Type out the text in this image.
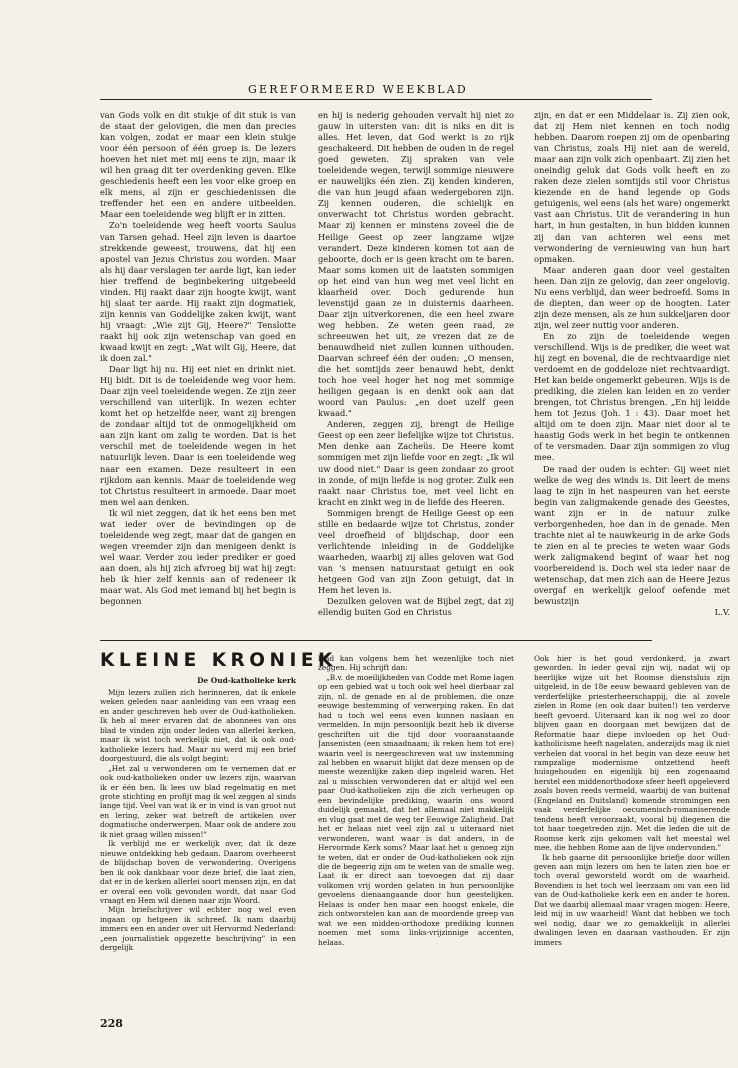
GEREFORMEERD WEEKBLAD

van Gods volk en dit stukje of dit stuk is van de staat der gelovigen, die men dan precies kan volgen, zodat er maar een klein stukje voor één persoon of één groep is. De lezers hoeven het niet met mij eens te zijn, maar ik wil hen graag dit ter overdenking geven. Elke geschiedenis heeft een les voor elke groep en elk mens, al zijn er geschiedenissen die treffender het een en andere uitbeelden. Maar een toeleidende weg blijft er in zitten.

Zo'n toeleidende weg heeft voorts Saulus van Tarsen gehad. Heel zijn leven is daartoe strekkende geweest, trouwens, dat hij een apostel van Jezus Christus zou worden. Maar als hij daar verslagen ter aarde ligt, kan ieder hier treffend de beginbekering uitgebeeld vinden. Hij raakt daar zijn hoogte kwijt, want hij slaat ter aarde. Hij raakt zijn dogmatiek, zijn kennis van Goddelijke zaken kwijt, want hij vraagt: „Wie zijt Gij, Heere?" Tenslotte raakt hij ook zijn wetenschap van goed en kwaad kwijt en zegt: „Wat wilt Gij, Heere, dat ik doen zal."

Daar ligt hij nu. Hij eet niet en drinkt niet. Hij bidt. Dit is de toeleidende weg voor hem. Daar zijn veel toeleidende wegen. Ze zijn zeer verschillend van uiterlijk. In wezen echter komt het op hetzelfde neer, want zij brengen de zondaar altijd tot de onmogelijkheid om aan zijn kant om zalig te worden. Dat is het verschil met de toeleidende wegen in het natuurlijk leven. Daar is een toeleidende weg naar een examen. Deze resulteert in een rijkdom aan kennis. Maar de toeleidende weg tot Christus resulteert in armoede. Daar moet men wel aan denken.

Ik wil niet zeggen, dat ik het eens ben met wat ieder over de bevindingen op de toeleidende weg zegt, maar dat de gangen en wegen vreemder zijn dan menigeen denkt is wel waar. Verder zou ieder prediker er goed aan doen, als hij zich afvroeg bij wat hij zegt: heb ik hier zelf kennis aan of redeneer ik maar wat. Als God met iemand bij het begin is begonnen

en hij is nederig gehouden vervalt hij niet zo gauw in uitersten van: dit is niks en dit is alles. Het leven, dat God werkt is zo rijk geschakeerd. Dit hebben de ouden in de regel goed geweten. Zij spraken van vele toeleidende wegen, terwijl sommige nieuwere er nauwelijks één zien. Zij kenden kinderen, die van hun jeugd afaan wedergeboren zijn. Zij kennen ouderen, die schielijk en onverwacht tot Christus worden gebracht. Maar zij kennen er minstens zoveel die de Heilige Geest op zeer langzame wijze verandert. Deze kinderen komen tot aan de geboorte, doch er is geen kracht om te baren. Maar soms komen uit de laatsten sommigen op het eind van hun weg met veel licht en klaarheid over. Doch gedurende hun levenstijd gaan ze in duisternis daarheen. Daar zijn uitverkorenen, die een heel zware weg hebben. Ze weten geen raad, ze schreeuwen het uit, ze vrezen dat ze de benauwdheid niet zullen kunnen uithouden. Daarvan schreef één der ouden: „O mensen, die het somtijds zeer benauwd hebt, denkt toch hoe veel hoger het nog met sommige heiligen gegaan is en denkt ook aan dat woord van Paulus: „en doet uzelf geen kwaad."

Anderen, zeggen zij, brengt de Heilige Geest op een zeer liefelijke wijze tot Christus. Men denke aan Zacheüs. De Heere komt sommigen met zijn liefde voor en zegt: „Ik wil uw dood niet." Daar is geen zondaar zo groot in zonde, of mijn liefde is nog groter. Zulk een raakt naar Christus toe, met veel licht en kracht en zinkt weg in de liefde des Heeren.

Sommigen brengt de Heilige Geest op een stille en bedaarde wijze tot Christus, zonder veel droefheid of blijdschap, door een verlichtende inleiding in de Goddelijke waarheden, waarbij zij alles geloven wat God van 's mensen natuurstaat getuigt en ook hetgeen God van zijn Zoon getuigt, dat in Hem het leven is.

Dezulken geloven wat de Bijbel zegt, dat zij ellendig buiten God en Christus

zijn, en dat er een Middelaar is. Zij zien ook, dat zij Hem niet kennen en toch nodig hebben. Daarom roepen zij om de openbaring van Christus, zoals Hij niet aan de wereld, maar aan zijn volk zich openbaart. Zij zien het oneindig geluk dat Gods volk heeft en zo raken deze zielen somtijds stil voor Christus kiezende en de hand legende op Gods getuigenis, wel eens (als het ware) ongemerkt vast aan Christus. Uit de verandering in hun hart, in hun gestalten, in hun bidden kunnen zij dan van achteren wel eens met verwondering de vernieuwing van hun hart opmaken.

Maar anderen gaan door veel gestalten heen. Dan zijn ze gelovig, dan zeer ongelovig. Nu eens verblijd, dan weer bedroefd. Soms in de diepten, dan weer op de hoogten. Later zijn deze mensen, als ze hun sukkeljaren door zijn, wel zeer nuttig voor anderen.

En zo zijn de toeleidende wegen verschillend. Wijs is de prediker, die weet wat hij zegt en bovenal, die de rechtvaardige niet verdoemt en de goddeloze niet rechtvaardigt. Het kan beide ongemerkt gebeuren. Wijs is de prediking, die zielen kan leiden en zo verder brengen, tot Christus brengen. „En hij leidde hem tot Jezus (Joh. 1 : 43). Daar moet het altijd om te doen zijn. Maar niet door al te haastig Gods werk in het begin te ontkennen of te versmaden. Daar zijn sommigen zo vlug mee.

De raad der ouden is echter: Gij weet niet welke de weg des winds is. Dit leert de mens laag te zijn in het naspeuren van het eerste begin van zaligmakende genade des Geestes, want zijn er in de natuur zulke verborgenheden, hoe dan in de genade. Men trachte niet al te nauwkeurig in de arke Gods te zien en al te precies te weten waar Gods werk zaligmakend begint of waar het nog voorbereidend is. Doch wel sta ieder naar de wetenschap, dat men zich aan de Heere Jezus overgaf en werkelijk geloof oefende met bewustzijn
L.V.

KLEINE KRONIEK
De Oud-katholieke kerk

Mijn lezers zullen zich herinneren, dat ik enkele weken geleden naar aanleiding van een vraag een en ander geschreven heb over de Oud-katholieken. Ik heb al meer ervaren dat de abonnees van ons blad te vinden zijn onder leden van allerlei kerken, maar ik wist toch werkelijk niet, dat ik ook oud-katholieke lezers had. Maar nu werd mij een brief doorgestuurd, die als volgt begint:

„Het zal u verwonderen om te vernemen dat er ook oud-katholieken onder uw lezers zijn, waarvan ik er één ben. Ik lees uw blad regelmatig en met grote stichting en profijt mag ik wel zeggen al sinds lange tijd. Veel van wat ik er in vind is van groot nut en lering, zeker wat betreft de artikelen over dogmatische onderwerpen. Maar ook de andere zou ik niet graag willen missen!"

Ik verblijd me er werkelijk over, dat ik deze nieuwe ontdekking heb gedaan. Daarom overheerst de blijdschap boven de verwondering. Overigens ben ik ook dankbaar voor deze brief, die laat zien, dat er in de kerken allerlei soort mensen zijn, en dat er overal een volk gevonden wordt, dat naar God vraagt en Hem wil dienen naar zijn Woord.

Mijn briefschrijver wil echter nog wel even ingaan op hetgeen ik schreef. Ik nam daarbij immers een en ander over uit Hervormd Nederland: „een journalistiek opgezette beschrijving" in een dergelijk

blad kan volgens hem het wezenlijke toch niet zeggen. Hij schrijft dan:

„B.v. de moeilijkheden van Codde met Rome lagen op een gebied wat u toch ook wel heel dierbaar zal zijn, nl. de genade en al de problemen, die onze eeuwige bestemming of verwerping raken. En dat had u toch wel eens even kunnen naslaan en vermelden. In mijn persoonlijk bezit heb ik diverse geschriften uit die tijd door vooraanstaande Jansenisten (een smaadnaam; ik reken hem tot ere) waarin veel is neergeschreven wat uw instemming zal hebben en waaruit blijkt dat deze mensen op de meeste wezenlijke zaken diep ingeleid waren. Het zal u misschien verwonderen dat er altijd wel een paar Oud-katholieken zijn die zich verheugen op een bevindelijke prediking, waarin ons woord duidelijk gemaakt, dat het allemaal niet makkelijk en vlug gaat met de weg ter Eeuwige Zaligheid. Dat het er helaas niet veel zijn zal u uiteraard niet verwonderen, want waar is dat anders, in de Hervormde Kerk soms? Maar laat het u genoeg zijn te weten, dat er onder de Oud-katholieken ook zijn die de begeerig zijn om te weten van de smalle weg. Laat ik er direct aan toevoegen dat zij daar volkomen vrij worden gelaten in hun persoonlijke gevoelens dienaangaande door hun geestelijken. Helaas is onder hen maar een hoogst enkele, die zich ontworstelen kan aan de moordende greep van wat we een midden-orthodoxe prediking kunnen noemen met soms links-vrijzinnige accenten, helaas.

Ook hier is het goud verdonkerd, ja zwart geworden. In ieder geval zijn wij, nadat wij op heerlijke wijze uit het Roomse dienstsluis zijn uitgeleid, in de 18e eeuw bewaard gebleven van de verderfelijke priesterheerschappij, die al zovele zielen in Rome (en ook daar buiten!) ten verderve heeft gevoerd. Uiteraard kan ik nog wel zo door blijven gaan en doorgaan met bewijzen dat de Reformatie haar diepe invloeden op het Oud-katholicisme heeft nagelaten, anderzijds mag ik niet verhelen dat vooral in het begin van deze eeuw het rampzalige modernisme ontzettend heeft huisgehouden en eigenlijk bij een zogenaamd herstel een middenorthodoxe sfeer heeft opgeleverd zoals boven reeds vermeld, waarbij de van buitenaf (Engeland en Duitsland) komende stromingen een vaak verderfelijke oecumenisch-romaniserende tendens heeft veroorzaakt, vooral bij diegenen die tot haar toegetreden zijn. Met die leden die uit de Roomse kerk zijn gekomen valt het meestal wel mee, die hebben Rome aan de lijve ondervonden."

Ik heb gaarne dit persoonlijke briefje door willen geven aan mijn lezers om hen te laten zien hoe er toch overal geworsteld wordt om de waarheid. Bovendien is het toch wel leerzaam om van een lid van de Oud-katholieke kerk een en ander te horen. Dat we daarbij allemaal maar vragen mogen: Heere, leid mij in uw waarheid! Want dat hebben we toch wel nodig, daar we zo gemakkelijk in allerlei dwalingen leven en daaraan vasthouden. Er zijn immers

228
